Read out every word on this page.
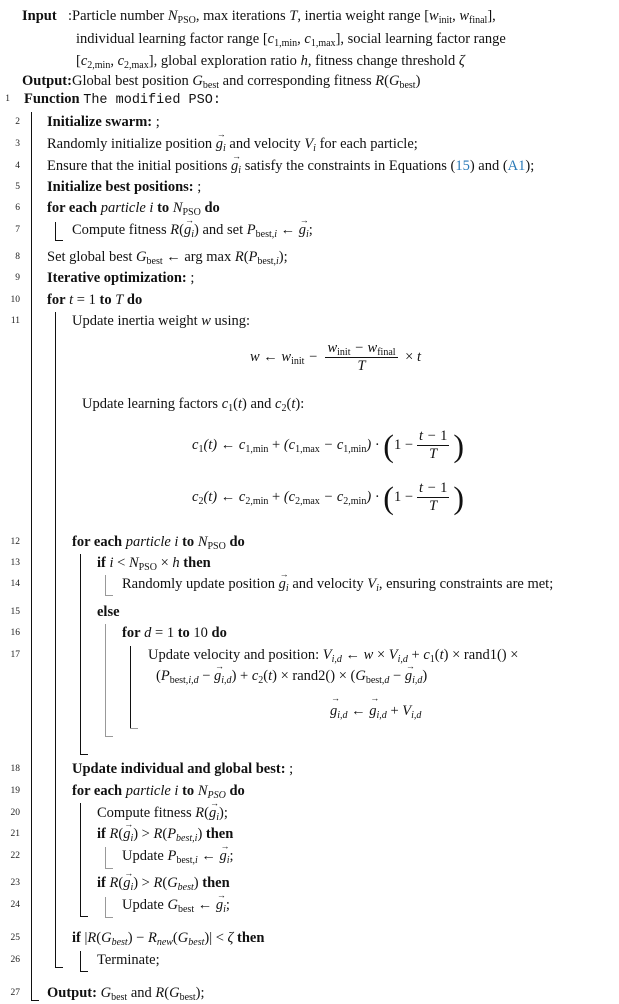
Input :Particle number $N_{PSO}$, max iterations T, inertia weight range [$w_{init}$, $w_{final}$],
individual learning factor range [$c_{1,min}$, $c_{1,max}$], social learning factor range
[$c_{2,min}$, $c_{2,max}$], global exploration ratio h, fitness change threshold ζ
Output:Global best position $G_{best}$ and corresponding fitness $R(G_{best})$
1
2
3
4
5
6
7
8
9
10
11
12
13
14
15
16
17
18
19
20
21
22
23
24
25
26
27
Function The modified PSO:
Initialize swarm: ;
Randomly initialize position → $g_i$ and velocity $V_i$ for each particle;
Ensure that the initial positions → $g_i$ satisfy the constraints in Equations (15) and (A1);
Initialize best positions: ;
for each particle i to $N_{PSO}$ do
Compute fitness $R(\to g_i)$ and set $P_{best,i}$ ← → $g_i$;
Set global best $G_{best}$ ← arg $\max R(P_{best,i})$;
Iterative optimization: ;
for t = 1 to T do
Update inertia weight w using:
w ← $w_{init} - \frac{w_{init} - w_{final}}{T} \times t$
Update learning factors $c_1(t)$ and $c_2(t)$:
$c_1(t)$ ← $c_{1,min} + (c_{1,max} - c_{1,min}) \cdot (1 - \frac{t - 1}{T}$ )
$c_2(t)$ ← $c_{2,min} + (c_{2,max} - c_{2,min}) \cdot (1 - \frac{t - 1}{T}$ )
for each particle i to $N_{PSO}$ do
if $i < N_{PSO} \times h$ then
Randomly update position → $g_i$ and velocity $V_i$, ensuring constraints are met;
else
for d = 1 to 10 do
Update velocity and position: $V_{i,d}$ ← $w \times V_{i,d} + c_1(t)$ × rand1() ×
($P_{best,i,d}$ − → $g_{i,d}) + c_2(t)$ × rand2() × ($G_{best,d}$ − → $g_{i,d}$)
→ $g_{i,d}$ ← → $g_{i,d} + V_{i,d}$
Update individual and global best: ;
for each particle i to $N_{PSO}$ do
Compute fitness $R(\to g_i)$;
if $R(\to g_i) > R(P_{best,i})$ then
Update $P_{best,i}$ ← → $g_i$;
if $R(\to g_i) > R(G_{best})$ then
Update $G_{best}$ ← → $g_i$;
if $|R(G_{best}) - R_{new}(G_{best})| < \zeta$ then
Terminate;
Output: $G_{best}$ and $R(G_{best})$;
